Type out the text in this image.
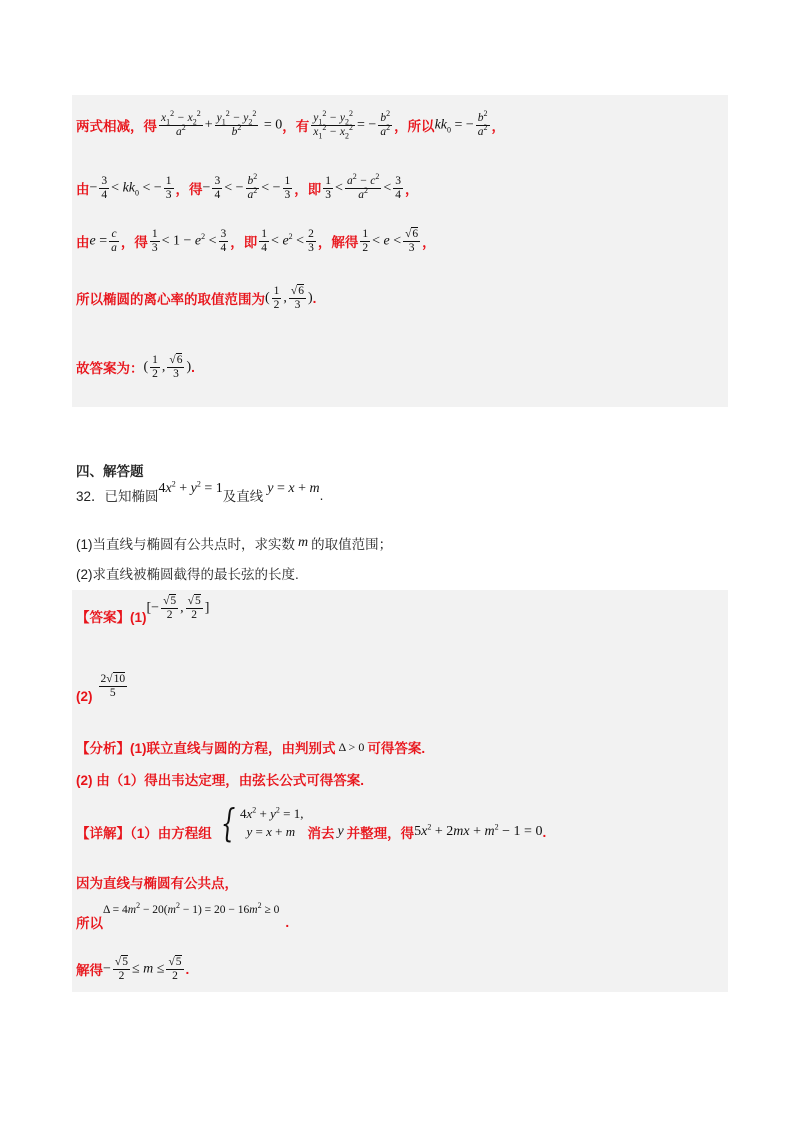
两式相减，得 $\frac{x_1^2 - x_2^2}{a^2} + \frac{y_1^2 - y_2^2}{b^2} = 0$ ，有 $\frac{y_1^2 - y_2^2}{x_1^2 - x_2^2}$ = − $\frac{b^2}{a^2}$ ，所以 $kk_0$ = − $\frac{b^2}{a^2}$ ，
由 − $\frac{3}{4} < kk_0$ < − $\frac{1}{3}$ ，得 − $\frac{3}{4}$ < − $\frac{b^2}{a^2}$ < − $\frac{1}{3}$ ，即 $\frac{1}{3} < \frac{a^2 - c^2}{a^2} < \frac{3}{4}$ ，
由 $e = \frac{c}{a}$ ，得 $\frac{1}{3} < 1 - e^2 < \frac{3}{4}$ ，即 $\frac{1}{4} < e^2 < \frac{2}{3}$ ，解得 $\frac{1}{2} < e < \frac{√6}{3}$ ，
所以椭圆的离心率的取值范围为 ( $\frac{1}{2}$ , $\frac{√6}{3}$ ) .
故答案为： ( $\frac{1}{2}$ , $\frac{√6}{3}$ ) .
四、解答题
32． 已知椭圆
$4x^2 + y^2 = 1$
及直线
y = x + m .
(1)当直线与椭圆有公共点时，求实数 m 的取值范围；
(2)求直线被椭圆截得的最长弦的长度.
【答案】(1)
[− $\frac{√5}{2}$ , $\frac{√5}{2}$ ]
$(2) \frac{2√10}{5}$
【分析】(1)联立直线与圆的方程，由判别式 Δ > 0 可得答案.
(2) 由（1）得出韦达定理，由弦长公式可得答案.
【详解】（1）由方程组 { $4x^2 + y^2 = 1$,
y = x + m 消去 y 并整理，得 $5x^2 + 2mx + m^2 - 1 = 0$ .
因为直线与椭圆有公共点，
所以
$\Delta = 4m^2 - 20(m^2 - 1) = 20 - 16m^2 \ge 0$
.
解得 − $\frac{√5}{2} \le m \le \frac{√5}{2}$ .
